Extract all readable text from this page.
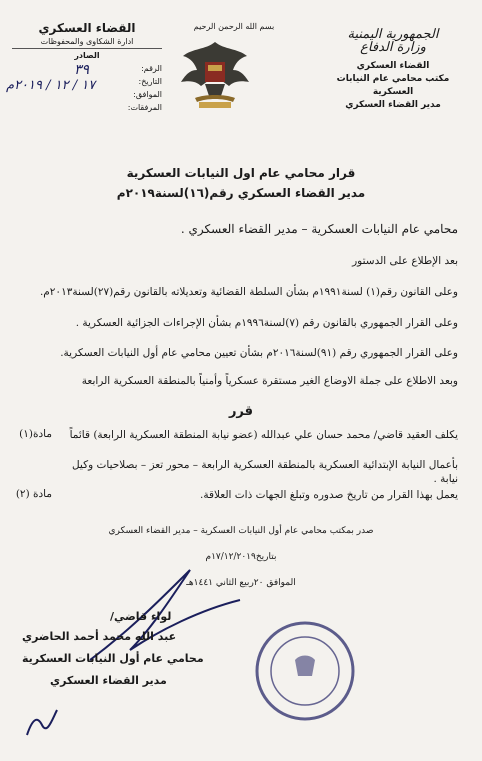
الجمهورية اليمنية
وزارة الدفاع
القضاء العسكري
مكتب محامي عام النيابات العسكرية
مدير القضاء العسكري
بسم الله الرحمن الرحيم
القضاء العسكري
ادارة الشكاوى والمحفوظات
الصادر
الرقم:
التاريخ:
الموافق:
المرفقات:
٣٩
١٧ / ١٢ / ٢٠١٩م
قرار محامي عام اول النيابات العسكرية
مدير القضاء العسكري رقم(١٦)لسنة٢٠١٩م
محامي عام النيابات العسكرية – مدير القضاء العسكري .
بعد الإطلاع على الدستور
وعلى القانون رقم(١) لسنة١٩٩١م بشأن السلطة القضائية وتعديلاته بالقانون رقم(٢٧)لسنة٢٠١٣م.
وعلى القرار الجمهوري بالقانون رقم (٧)لسنة١٩٩٦م بشأن الإجراءات الجزائية العسكرية .
وعلى القرار الجمهوري رقم (٩١)لسنة٢٠١٦م بشأن تعيين محامي عام أول النيابات العسكرية.
وبعد الاطلاع على جملة الاوضاع الغير مستقرة عسكرياً وأمنياً بالمنطقة العسكرية الرابعة
قرر
مادة(١)	يكلف العقيد قاضي/ محمد حسان علي عبدالله (عضو نيابة المنطقة العسكرية الرابعة) قائماً
بأعمال النيابة الإبتدائية العسكرية بالمنطقة العسكرية الرابعة – محور تعز – بصلاحيات وكيل نيابة .
مادة (٢)	يعمل بهذا القرار من تاريخ صدوره وتبلغ الجهات ذات العلاقة.
صدر بمكتب محامي عام أول النيابات العسكرية – مدير القضاء العسكري
بتاريخ١٧/١٢/٢٠١٩م
الموافق ٢٠ربيع الثاني ١٤٤١هـ
لواء قاضي/
عبد الله محمد أحمد الحاضري
محامي عام أول النيابات العسكرية
مدير القضاء العسكري
